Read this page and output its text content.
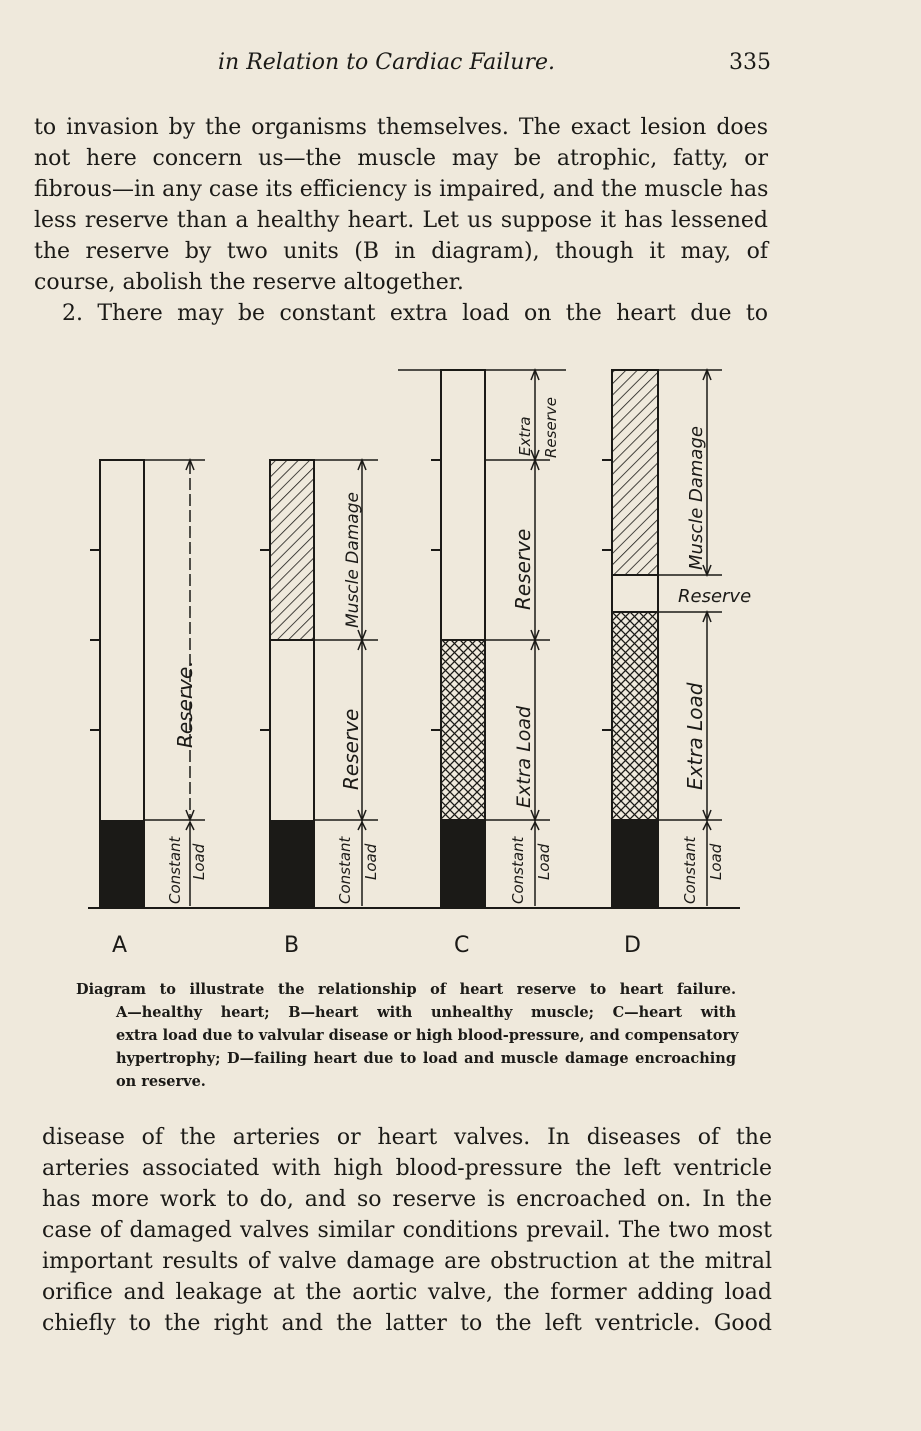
in Relation to Cardiac Failure.	335
to invasion by the organisms themselves. The exact lesion does
not here concern us—the muscle may be atrophic, fatty, or
fibrous—in any case its efficiency is impaired, and the muscle has
less reserve than a healthy heart. Let us suppose it has lessened
the reserve by two units (B in diagram), though it may, of
course, abolish the reserve altogether.
2. There may be constant extra load on the heart due to
Reserve.
Constant Load
A
Muscle Damage
Reserve
Constant Load
B
Extra Reserve
Reserve
Extra Load
Constant Load
C
Muscle Damage
Reserve
Extra Load
Constant Load
D
Diagram to illustrate the relationship of heart reserve to heart failure.
A—healthy heart; B—heart with unhealthy muscle; C—heart with
extra load due to valvular disease or high blood-pressure, and compensatory
hypertrophy; D—failing heart due to load and muscle damage encroaching
on reserve.
disease of the arteries or heart valves. In diseases of the
arteries associated with high blood-pressure the left ventricle
has more work to do, and so reserve is encroached on. In the
case of damaged valves similar conditions prevail. The two most
important results of valve damage are obstruction at the mitral
orifice and leakage at the aortic valve, the former adding load
chiefly to the right and the latter to the left ventricle. Good
